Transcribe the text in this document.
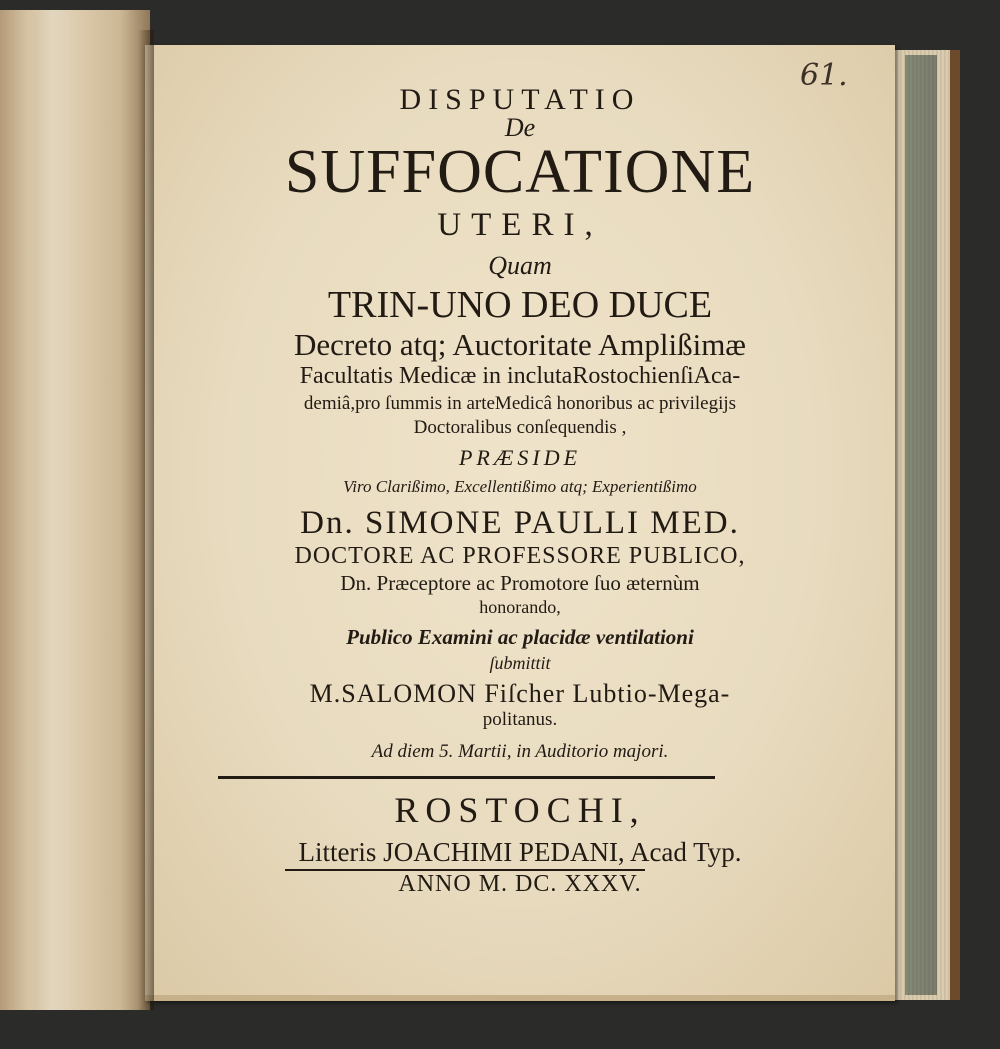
DISPUTATIO
De
SUFFOCATIONE
UTERI,
Quam
TRIN-UNO DEO DUCE
Decreto atq; Auctoritate Amplißimæ
Facultatis Medicæ in inclutaRostochienſiAca-
demiâ,pro ſummis in arteMedicâ honoribus ac privilegijs
Doctoralibus conſequendis ,
PRÆSIDE
Viro Clarißimo, Excellentißimo atq; Experientißimo
Dn. SIMONE PAULLI MED.
DOCTORE AC PROFESSORE PUBLICO,
Dn. Præceptore ac Promotore ſuo æternùm
honorando,
Publico Examini ac placidæ ventilationi
ſubmittit
M.SALOMON Fiſcher Lubtio-Mega-
politanus.
Ad diem 5. Martii, in Auditorio majori.
ROSTOCHI,
Litteris JOACHIMI PEDANI, Acad Typ.
ANNO M. DC. XXXV.
61.
